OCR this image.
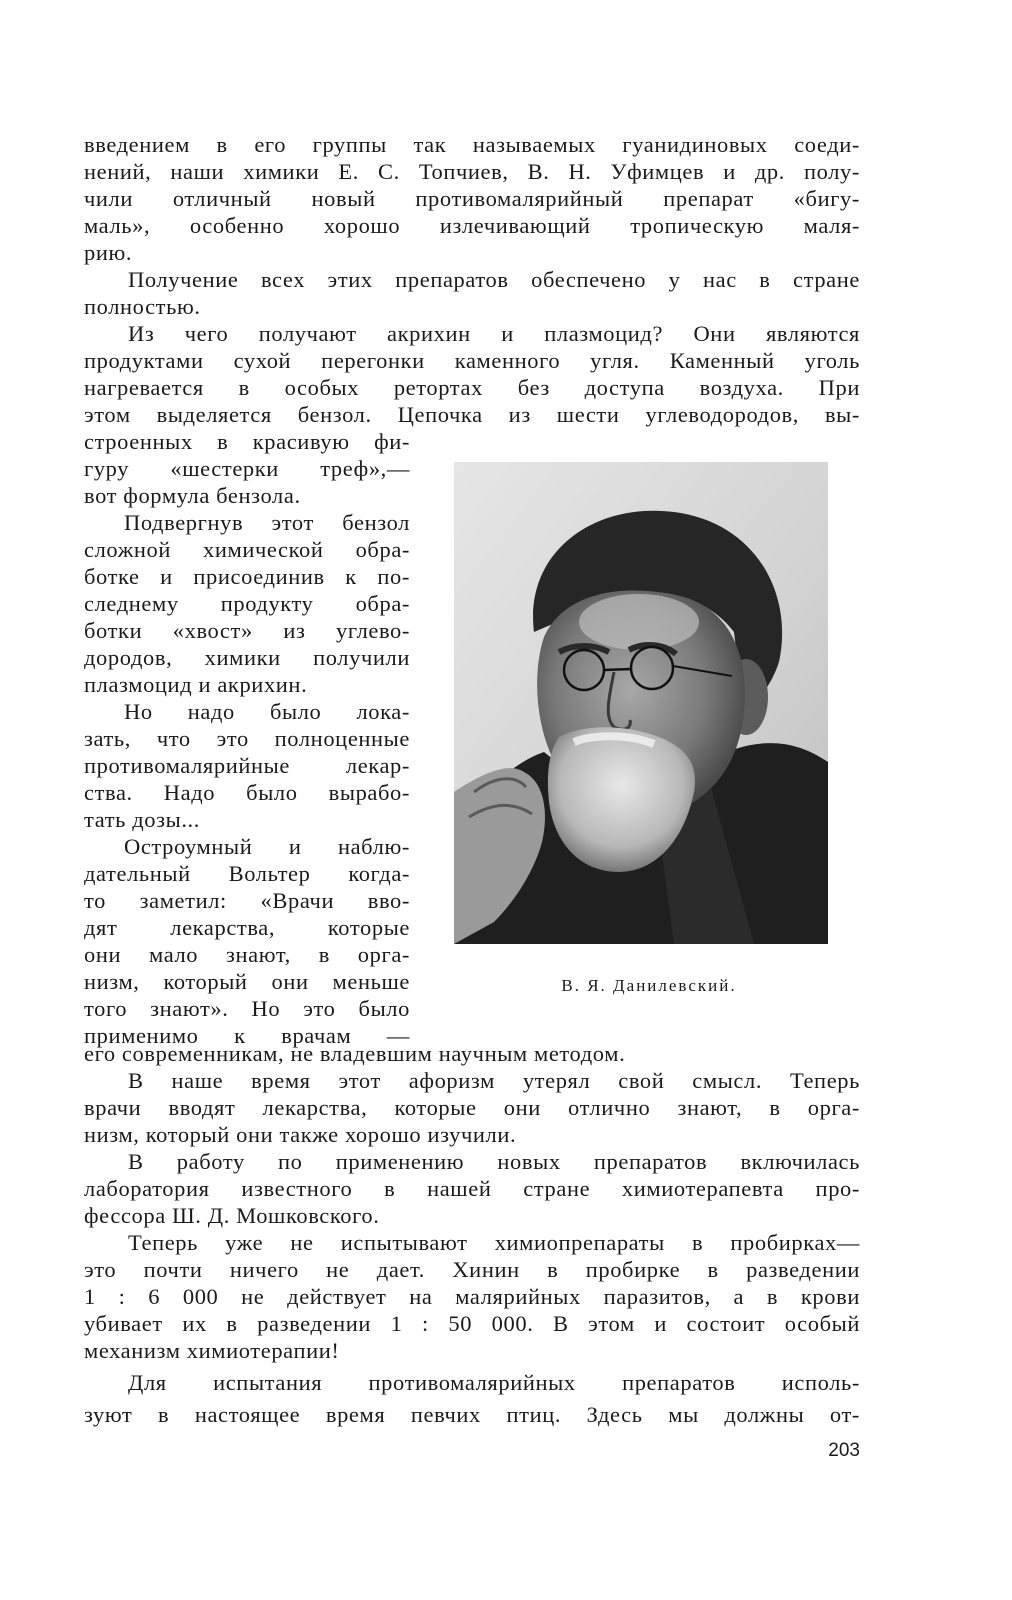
введением в его группы так называемых гуанидиновых соеди-
нений, наши химики Е. С. Топчиев, В. Н. Уфимцев и др. полу-
чили отличный новый противомалярийный препарат «бигу-
маль», особенно хорошо излечивающий тропическую маля-
рию.
Получение всех этих препаратов обеспечено у нас в стране
полностью.
Из чего получают акрихин и плазмоцид? Они являются
продуктами сухой перегонки каменного угля. Каменный уголь
нагревается в особых ретортах без доступа воздуха. При
этом выделяется бензол. Цепочка из шести углеводородов, вы-
строенных в красивую фи-
гуру «шестерки треф»,—
вот формула бензола.
Подвергнув этот бензол
сложной химической обра-
ботке и присоединив к по-
следнему продукту обра-
ботки «хвост» из углево-
дородов, химики получили
плазмоцид и акрихин.
Но надо было лока-
зать, что это полноценные
противомалярийные лекар-
ства. Надо было вырабо-
тать дозы...
Остроумный и наблю-
дательный Вольтер когда-
то заметил: «Врачи вво-
дят лекарства, которые
они мало знают, в орга-
низм, который они меньше
того знают». Но это было
применимо к врачам —
В. Я. Данилевский.
его современникам, не владевшим научным методом.
В наше время этот афоризм утерял свой смысл. Теперь
врачи вводят лекарства, которые они отлично знают, в орга-
низм, который они также хорошо изучили.
В работу по применению новых препаратов включилась
лаборатория известного в нашей стране химиотерапевта про-
фессора Ш. Д. Мошковского.
Теперь уже не испытывают химиопрепараты в пробирках—
это почти ничего не дает. Хинин в пробирке в разведении
1 : 6 000 не действует на малярийных паразитов, а в крови
убивает их в разведении 1 : 50 000. В этом и состоит особый
механизм химиотерапии!
Для испытания противомалярийных препаратов исполь-
зуют в настоящее время певчих птиц. Здесь мы должны от-
203
